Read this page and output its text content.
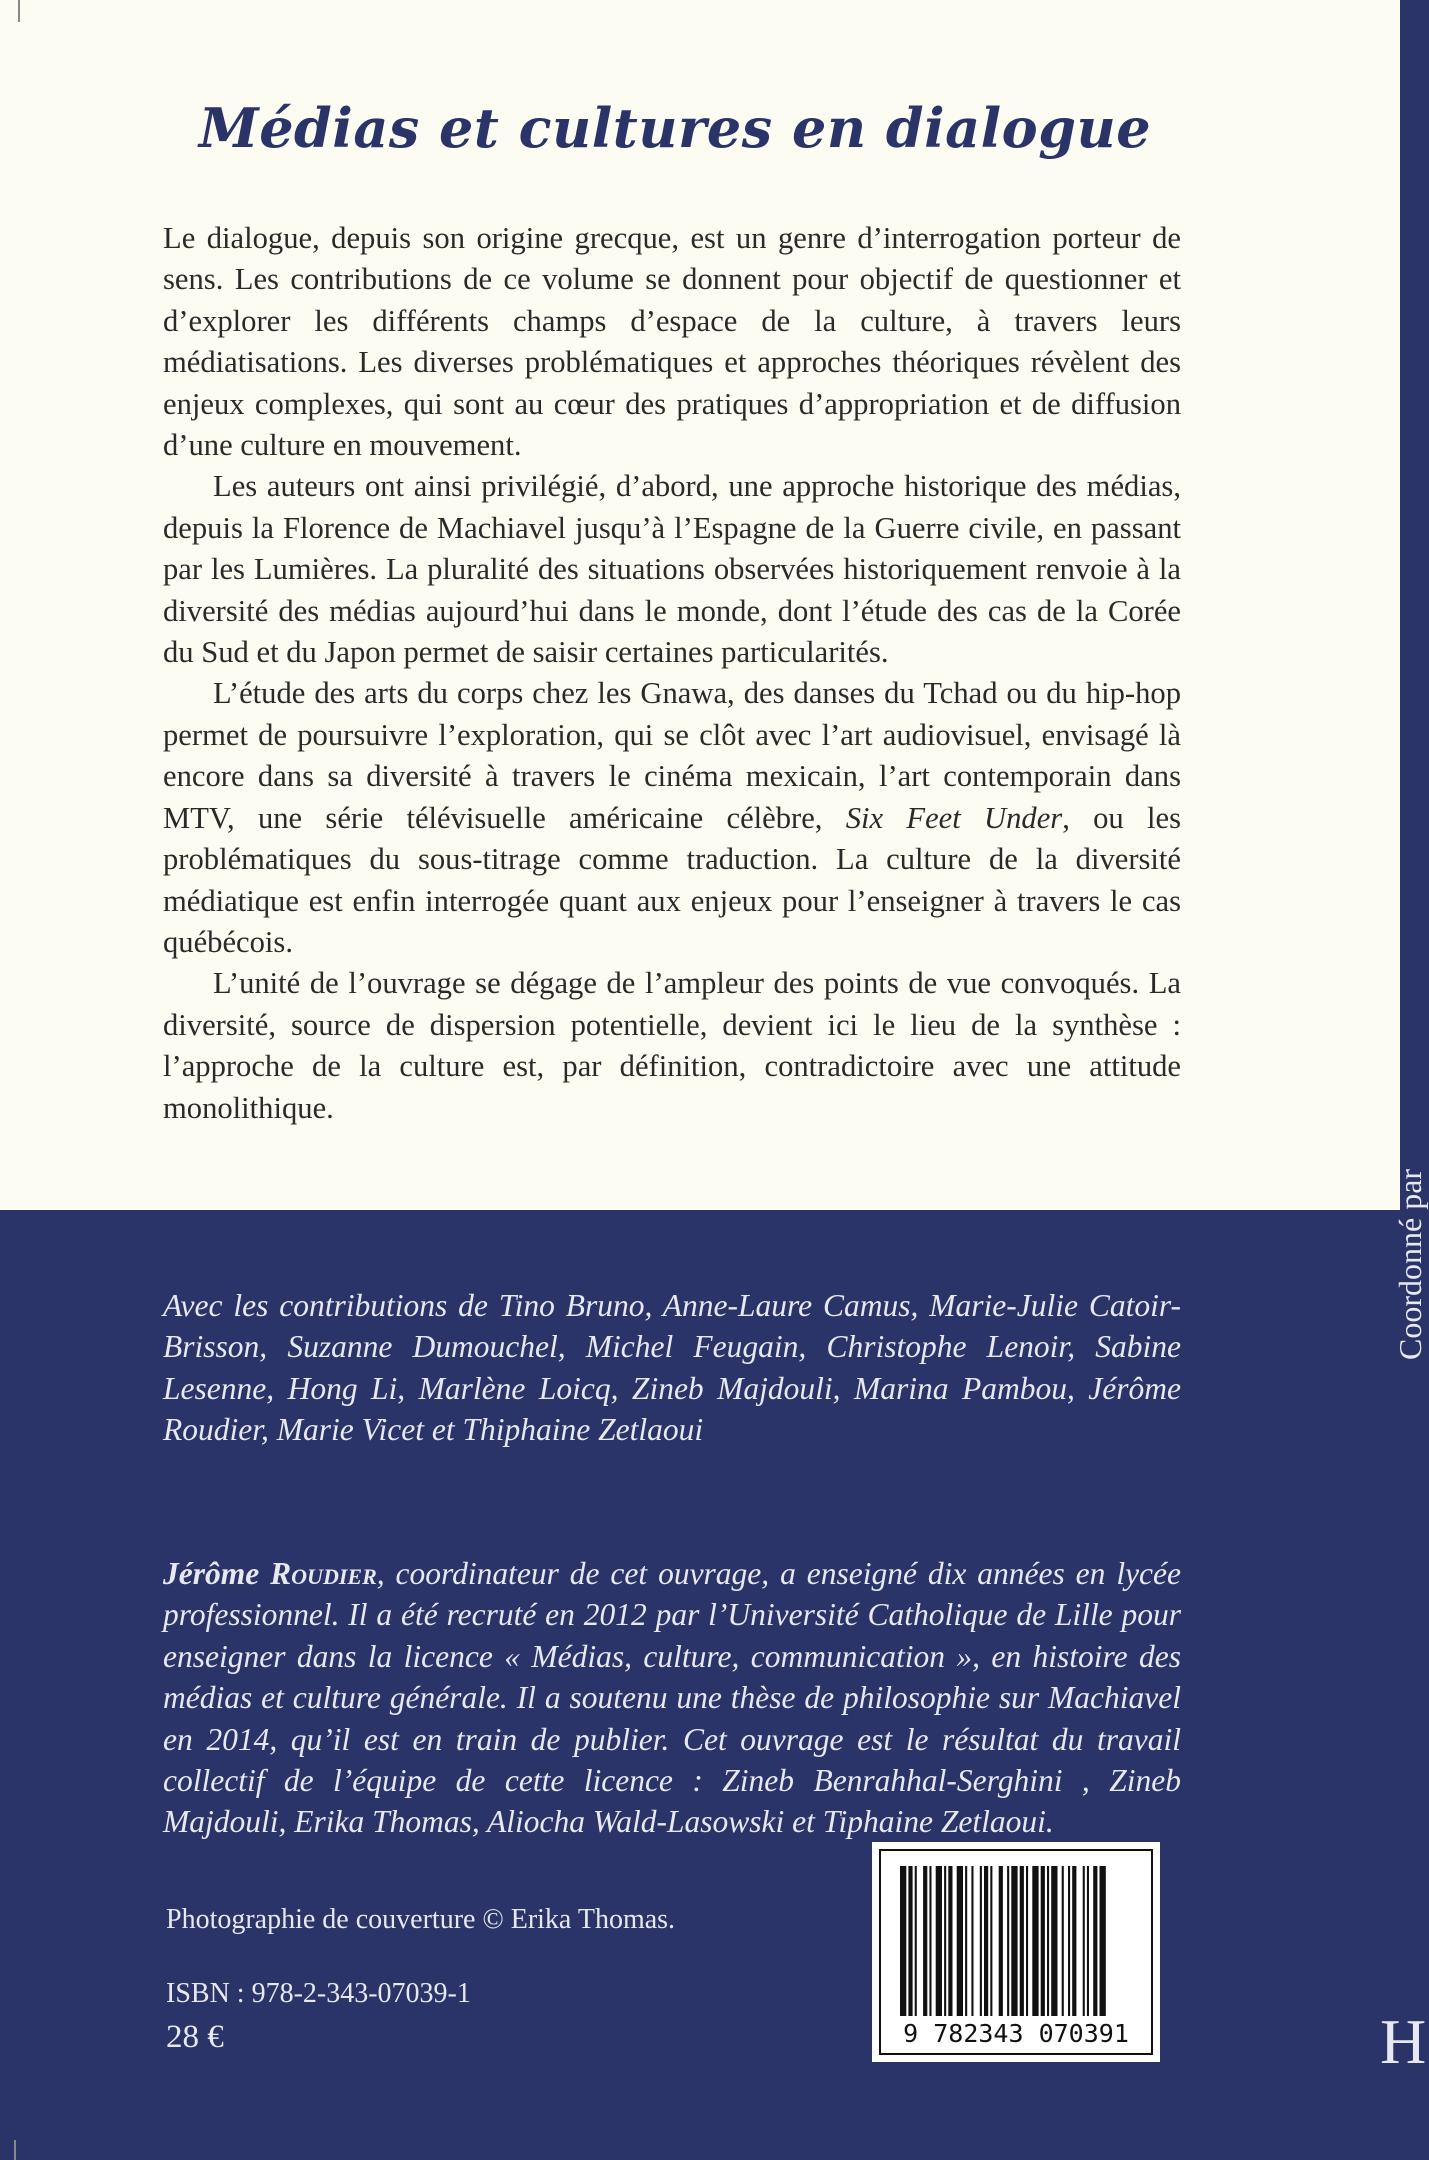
Médias et cultures en dialogue

Le dialogue, depuis son origine grecque, est un genre d’interrogation porteur de sens. Les contributions de ce volume se donnent pour objectif de questionner et d’explorer les différents champs d’espace de la culture, à travers leurs médiatisations. Les diverses problématiques et approches théoriques révèlent des enjeux complexes, qui sont au cœur des pratiques d’appropriation et de diffusion d’une culture en mouvement.

Les auteurs ont ainsi privilégié, d’abord, une approche historique des médias, depuis la Florence de Machiavel jusqu’à l’Espagne de la Guerre civile, en passant par les Lumières. La pluralité des situations observées historiquement renvoie à la diversité des médias aujourd’hui dans le monde, dont l’étude des cas de la Corée du Sud et du Japon permet de saisir certaines particularités.

L’étude des arts du corps chez les Gnawa, des danses du Tchad ou du hip-hop permet de poursuivre l’exploration, qui se clôt avec l’art audiovisuel, envisagé là encore dans sa diversité à travers le cinéma mexicain, l’art contemporain dans MTV, une série télévisuelle américaine célèbre, Six Feet Under, ou les problématiques du sous-titrage comme traduction. La culture de la diversité médiatique est enfin interrogée quant aux enjeux pour l’enseigner à travers le cas québécois.

L’unité de l’ouvrage se dégage de l’ampleur des points de vue convoqués. La diversité, source de dispersion potentielle, devient ici le lieu de la synthèse : l’approche de la culture est, par définition, contradictoire avec une attitude monolithique.

Avec les contributions de Tino Bruno, Anne-Laure Camus, Marie-Julie Catoir-Brisson, Suzanne Dumouchel, Michel Feugain, Christophe Lenoir, Sabine Lesenne, Hong Li, Marlène Loicq, Zineb Majdouli, Marina Pambou, Jérôme Roudier, Marie Vicet et Thiphaine Zetlaoui

Jérôme Roudier, coordinateur de cet ouvrage, a enseigné dix années en lycée professionnel. Il a été recruté en 2012 par l’Université Catholique de Lille pour enseigner dans la licence « Médias, culture, communication », en histoire des médias et culture générale. Il a soutenu une thèse de philosophie sur Machiavel en 2014, qu’il est en train de publier. Cet ouvrage est le résultat du travail collectif de l’équipe de cette licence : Zineb Benrahhal-Serghini , Zineb Majdouli, Erika Thomas, Aliocha Wald-Lasowski et Tiphaine Zetlaoui.

Photographie de couverture © Erika Thomas.
ISBN : 978-2-343-07039-1
28 €	9 782343 070391
Coordonné par
H
